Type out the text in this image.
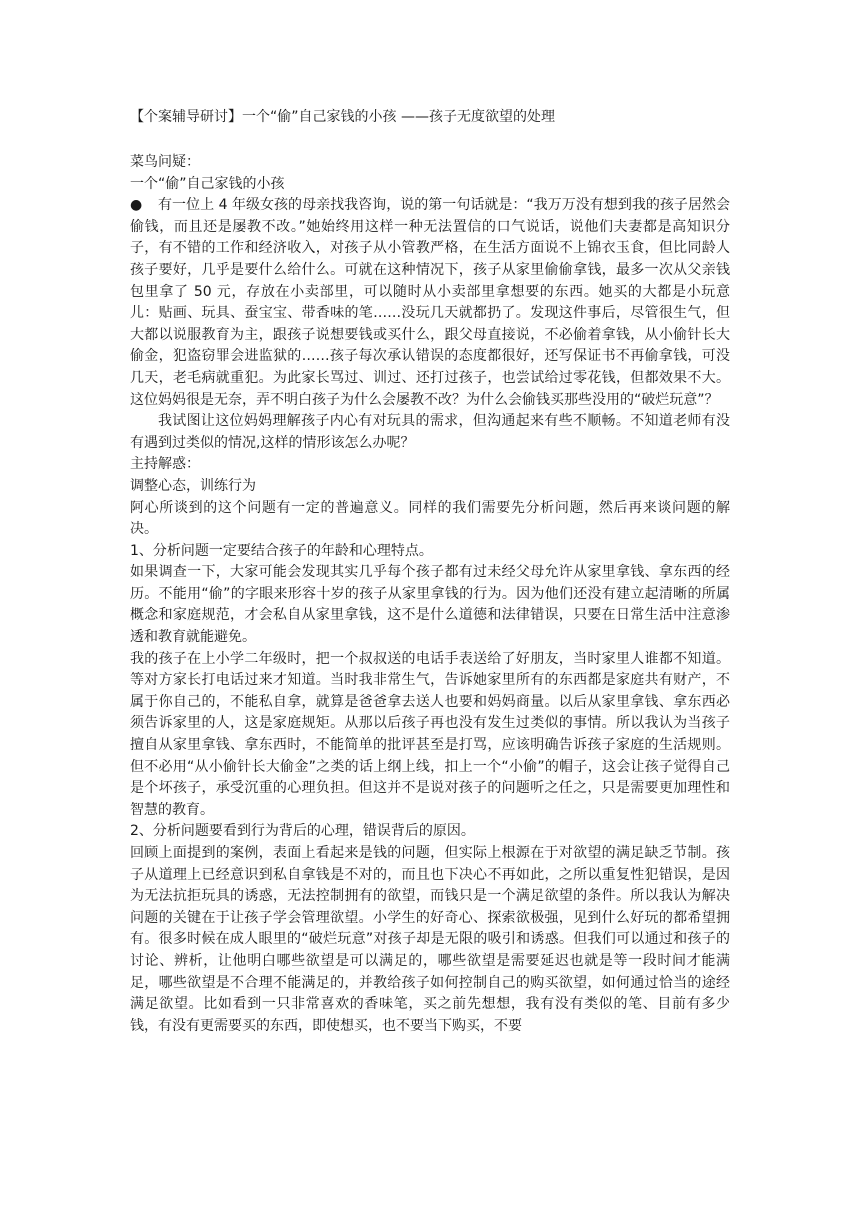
【个案辅导研讨】一个“偷”自己家钱的小孩 ——孩子无度欲望的处理

菜鸟问疑：

一个“偷”自己家钱的小孩

● 有一位上 4 年级女孩的母亲找我咨询，说的第一句话就是：“我万万没有想到我的孩子居然会偷钱，而且还是屡教不改。”她始终用这样一种无法置信的口气说话，说他们夫妻都是高知识分子，有不错的工作和经济收入，对孩子从小管教严格，在生活方面说不上锦衣玉食，但比同龄人孩子要好，几乎是要什么给什么。可就在这种情况下，孩子从家里偷偷拿钱，最多一次从父亲钱包里拿了 50 元，存放在小卖部里，可以随时从小卖部里拿想要的东西。她买的大都是小玩意儿：贴画、玩具、蚕宝宝、带香味的笔……没玩几天就都扔了。发现这件事后，尽管很生气，但大都以说服教育为主，跟孩子说想要钱或买什么，跟父母直接说，不必偷着拿钱，从小偷针长大偷金，犯盗窃罪会进监狱的……孩子每次承认错误的态度都很好，还写保证书不再偷拿钱，可没几天，老毛病就重犯。为此家长骂过、训过、还打过孩子，也尝试给过零花钱，但都效果不大。这位妈妈很是无奈，弄不明白孩子为什么会屡教不改？为什么会偷钱买那些没用的“破烂玩意”？

我试图让这位妈妈理解孩子内心有对玩具的需求，但沟通起来有些不顺畅。不知道老师有没有遇到过类似的情况,这样的情形该怎么办呢？

主持解惑：

调整心态，训练行为

阿心所谈到的这个问题有一定的普遍意义。同样的我们需要先分析问题，然后再来谈问题的解决。

1、分析问题一定要结合孩子的年龄和心理特点。

如果调查一下，大家可能会发现其实几乎每个孩子都有过未经父母允许从家里拿钱、拿东西的经历。不能用“偷”的字眼来形容十岁的孩子从家里拿钱的行为。因为他们还没有建立起清晰的所属概念和家庭规范，才会私自从家里拿钱，这不是什么道德和法律错误，只要在日常生活中注意渗透和教育就能避免。

我的孩子在上小学二年级时，把一个叔叔送的电话手表送给了好朋友，当时家里人谁都不知道。等对方家长打电话过来才知道。当时我非常生气，告诉她家里所有的东西都是家庭共有财产，不属于你自己的，不能私自拿，就算是爸爸拿去送人也要和妈妈商量。以后从家里拿钱、拿东西必须告诉家里的人，这是家庭规矩。从那以后孩子再也没有发生过类似的事情。所以我认为当孩子擅自从家里拿钱、拿东西时，不能简单的批评甚至是打骂，应该明确告诉孩子家庭的生活规则。但不必用“从小偷针长大偷金”之类的话上纲上线，扣上一个“小偷”的帽子，这会让孩子觉得自己是个坏孩子，承受沉重的心理负担。但这并不是说对孩子的问题听之任之，只是需要更加理性和智慧的教育。

2、分析问题要看到行为背后的心理，错误背后的原因。

回顾上面提到的案例，表面上看起来是钱的问题，但实际上根源在于对欲望的满足缺乏节制。孩子从道理上已经意识到私自拿钱是不对的，而且也下决心不再如此，之所以重复性犯错误，是因为无法抗拒玩具的诱惑，无法控制拥有的欲望，而钱只是一个满足欲望的条件。所以我认为解决问题的关键在于让孩子学会管理欲望。小学生的好奇心、探索欲极强，见到什么好玩的都希望拥有。很多时候在成人眼里的“破烂玩意”对孩子却是无限的吸引和诱惑。但我们可以通过和孩子的讨论、辨析，让他明白哪些欲望是可以满足的，哪些欲望是需要延迟也就是等一段时间才能满足，哪些欲望是不合理不能满足的，并教给孩子如何控制自己的购买欲望，如何通过恰当的途经满足欲望。比如看到一只非常喜欢的香味笔，买之前先想想，我有没有类似的笔、目前有多少钱，有没有更需要买的东西，即使想买，也不要当下购买，不要
